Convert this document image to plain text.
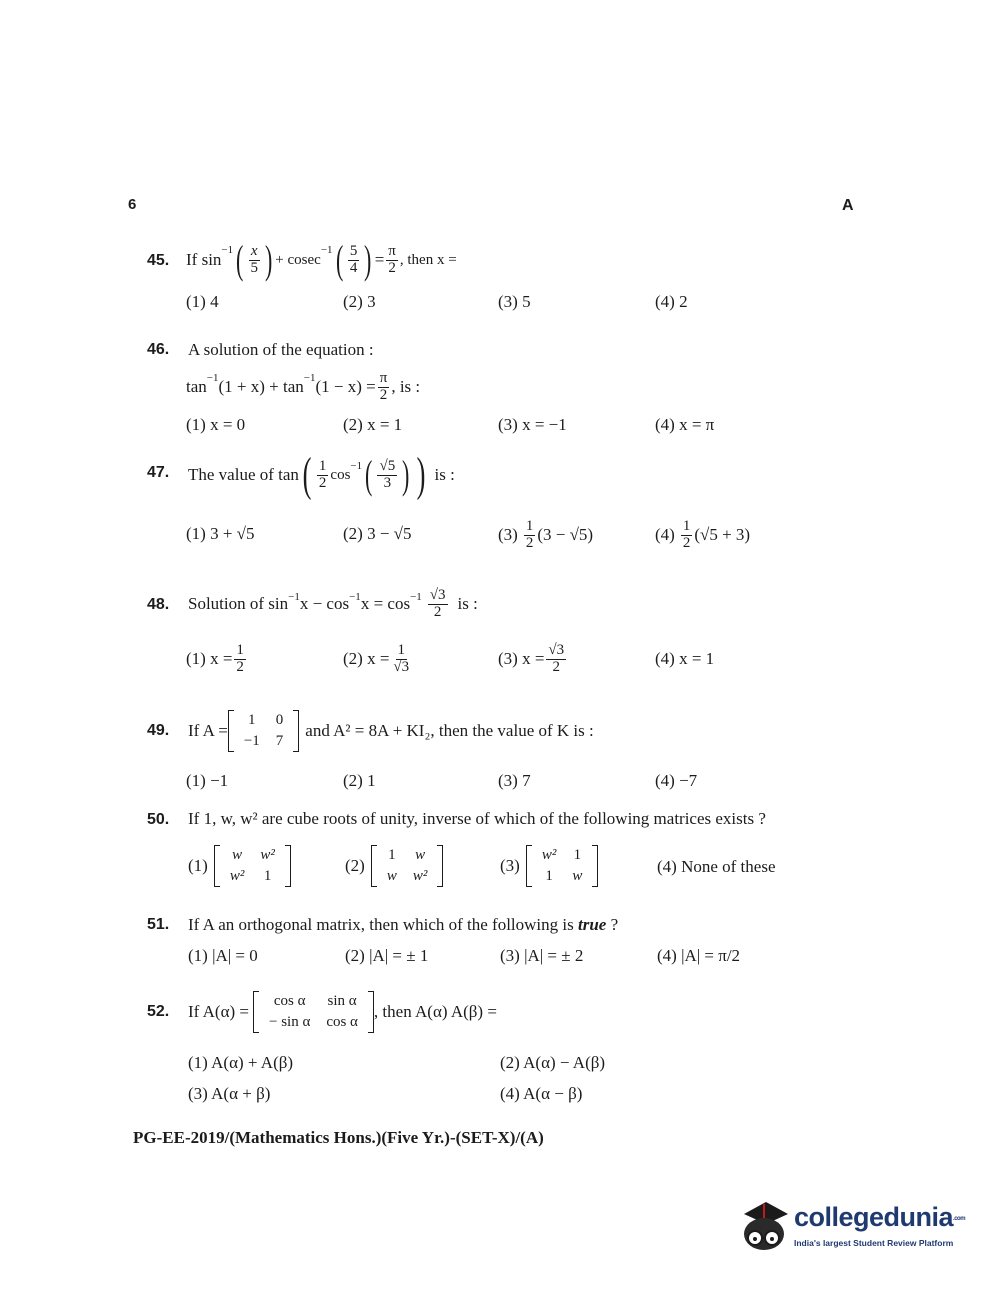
6	A
45. If
sin −1 ( $\frac{x}{5}$ ) + cosec
−1 ( $\frac{5}{4}$ ) = $\frac{\pi}{2}$ , then x =
(1) 4	(2) 3	(3) 5	(4) 2
46. A solution of the equation :
tan −1 (1 + x) + tan −1 $(1 - x) = \frac{\pi}{2}$ , is :
(1) x = 0	(2) x = 1	(3) x = −1	(4) x = π
47. The value of tan ( $\frac{1}{2}$ cos
−1 ( $\frac{√5}{3}$ ) ) is :
(1) 3 + √5	(2) 3 − √5	$(3) \frac{1}{2} (3 - √5)$	$(4) \frac{1}{2} (√5 + 3)$
48. Solution of sin −1 x − cos −1 $x = \cos -1 \frac{√3}{2}$ is :
(1) $x = \frac{1}{2}$	(2) $x = \frac{1}{√3}$	(3) $x = \frac{√3}{2}$	(4) x = 1
49. If A =
1	0
−1	7
and A² = 8A + KI₂, then the value of K is :
(1) −1	(2) 1	(3) 7	(4) −7
50. If 1, w, w² are cube roots of unity, inverse of which of the following matrices exists ?
(1)
w	w²
w²	1
(2)
1	w
w	w²
(3)
w²	1
1	w	(4) None of these
51. If A an orthogonal matrix, then which of the following is true ?
(1) |A| = 0	(2) |A| = ± 1	(3) |A| = ± 2	(4) |A| = π/2
52. If A(α) =
cos α	sin α
− sin α	cos α
, then A(α) A(β) =
(1) A(α) + A(β)	(2) A(α) − A(β)
(3) A(α + β)	(4) A(α − β)
PG-EE-2019/(Mathematics Hons.)(Five Yr.)-(SET-X)/(A)
collegedunia.com
India's largest Student Review Platform
